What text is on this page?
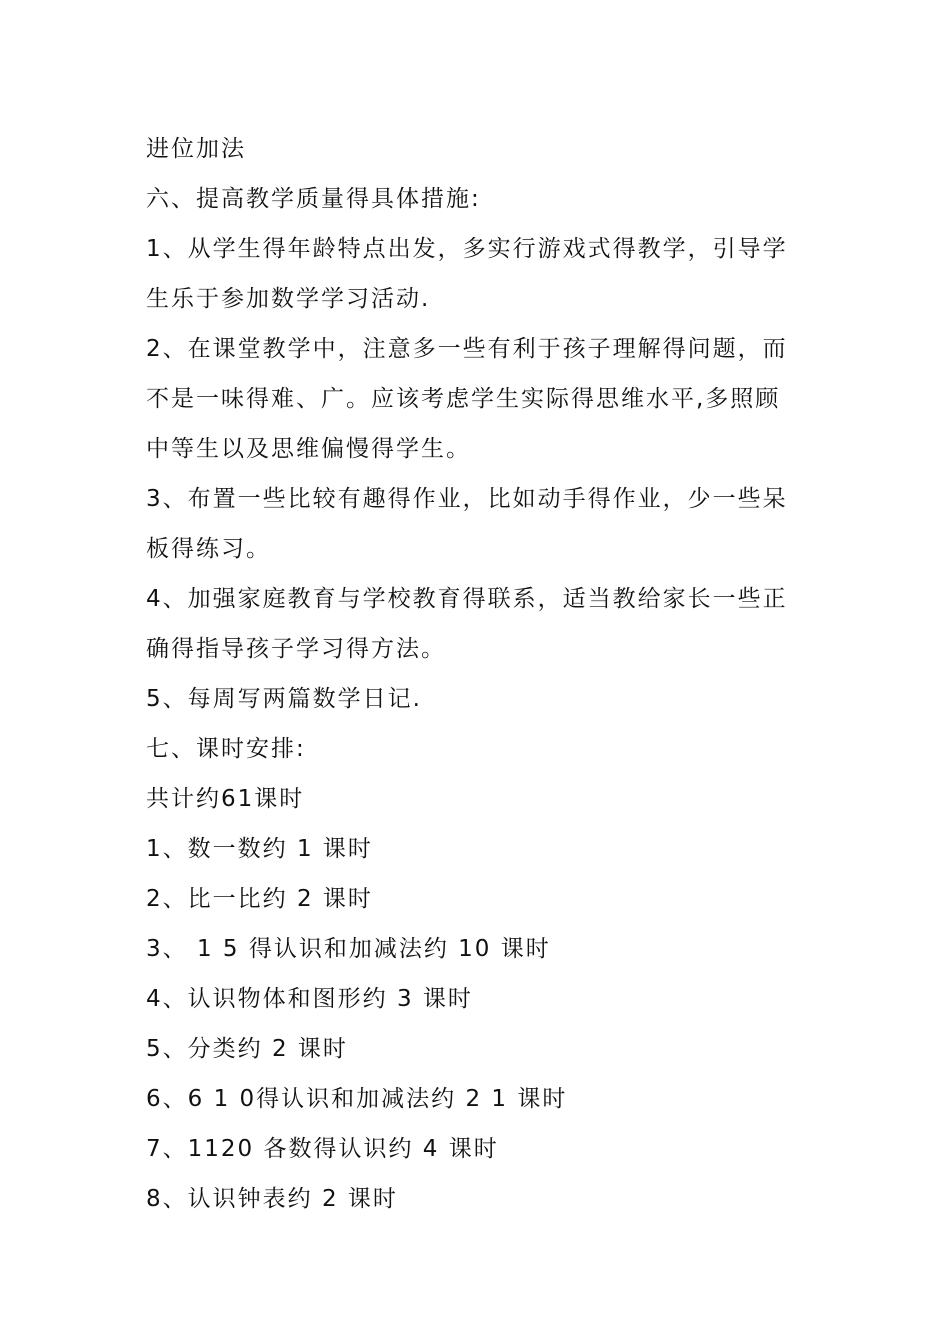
进位加法
六、提高教学质量得具体措施:
1、从学生得年龄特点出发，多实行游戏式得教学，引导学
生乐于参加数学学习活动.
2、在课堂教学中，注意多一些有利于孩子理解得问题，而
不是一味得难、广。应该考虑学生实际得思维水平,多照顾
中等生以及思维偏慢得学生。
3、布置一些比较有趣得作业，比如动手得作业，少一些呆
板得练习。
4、加强家庭教育与学校教育得联系，适当教给家长一些正
确得指导孩子学习得方法。
5、每周写两篇数学日记.
七、课时安排:
共计约61课时
1、数一数约 1 课时
2、比一比约 2 课时
3、 1 5 得认识和加减法约 10 课时
4、认识物体和图形约 3 课时
5、分类约 2 课时
6、6 1 0得认识和加减法约 2 1 课时
7、1120 各数得认识约 4 课时
8、认识钟表约 2 课时
